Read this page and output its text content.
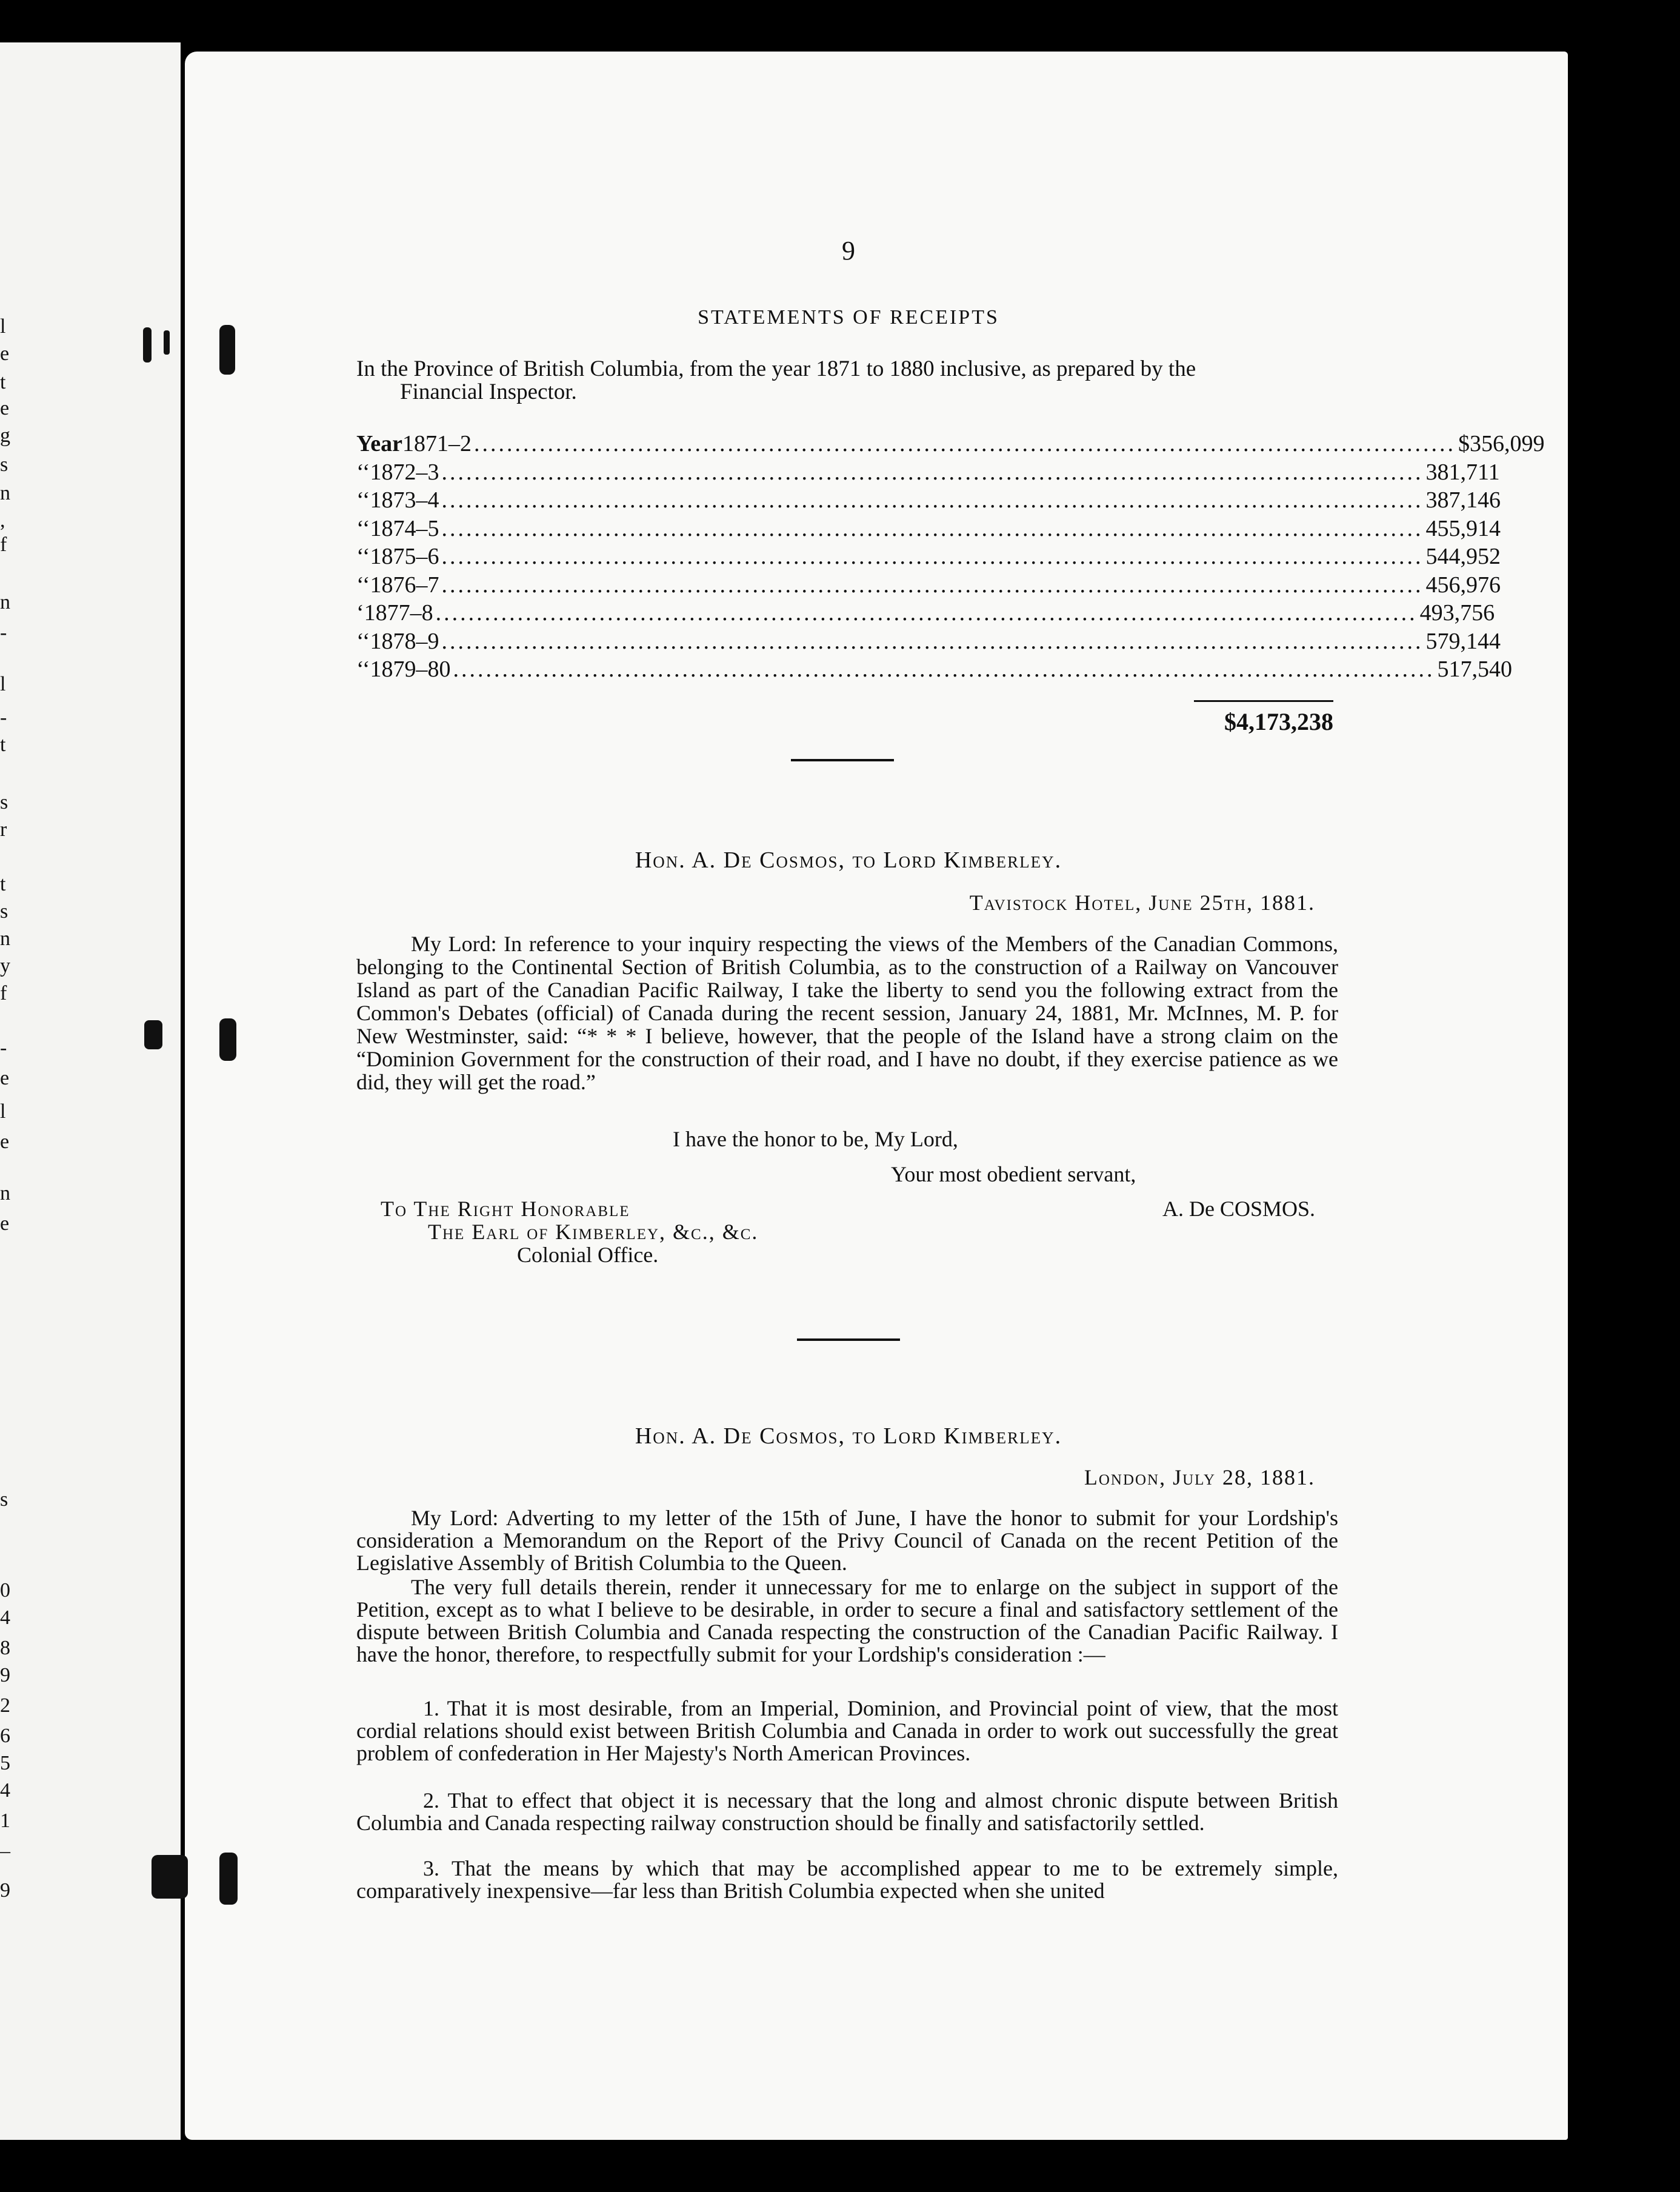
l
e
t
e
g
s
n
,
f
n
-
l
-
t
s
r
t
s
n
y
f
-
e
l
e
n
e
s
0
4
8
9
2
6
5
4
1
–
9
9
STATEMENTS OF RECEIPTS
In the Province of British Columbia, from the year 1871 to 1880 inclusive, as prepared by the
Financial Inspector.
Year 1871–2 ........................................................................................................................ $ 356,099
‘‘ 1872–3 ........................................................................................................................ 381,711
‘‘ 1873–4 ........................................................................................................................ 387,146
‘‘ 1874–5 ........................................................................................................................ 455,914
‘‘ 1875–6 ........................................................................................................................ 544,952
‘‘ 1876–7 ........................................................................................................................ 456,976
‘ 1877–8 ........................................................................................................................ 493,756
‘‘ 1878–9 ........................................................................................................................ 579,144
‘‘ 1879–80 ........................................................................................................................ 517,540
$4,173,238
Hon. A. De Cosmos, to Lord Kimberley.
Tavistock Hotel, June 25th, 1881.
My Lord: In reference to your inquiry respecting the views of the Members of the Canadian Commons, belonging to the Continental Section of British Columbia, as to the construction of a Railway on Vancouver Island as part of the Canadian Pacific Railway, I take the liberty to send you the following extract from the Common's Debates (official) of Canada during the recent session, January 24, 1881, Mr. McInnes, M. P. for New Westminster, said: “* * * I believe, however, that the people of the Island have a strong claim on the “Dominion Government for the construction of their road, and I have no doubt, if they exercise patience as we did, they will get the road.”
I have the honor to be, My Lord,
Your most obedient servant,
To The Right Honorable
The Earl of Kimberley, &c., &c.
Colonial Office.
A. De COSMOS.
Hon. A. De Cosmos, to Lord Kimberley.
London, July 28, 1881.
My Lord: Adverting to my letter of the 15th of June, I have the honor to submit for your Lordship's consideration a Memorandum on the Report of the Privy Council of Canada on the recent Petition of the Legislative Assembly of British Columbia to the Queen.
The very full details therein, render it unnecessary for me to enlarge on the subject in support of the Petition, except as to what I believe to be desirable, in order to secure a final and satisfactory settlement of the dispute between British Columbia and Canada respecting the construction of the Canadian Pacific Railway. I have the honor, therefore, to respectfully submit for your Lordship's consideration :—
1. That it is most desirable, from an Imperial, Dominion, and Provincial point of view, that the most cordial relations should exist between British Columbia and Canada in order to work out successfully the great problem of confederation in Her Majesty's North American Provinces.
2. That to effect that object it is necessary that the long and almost chronic dispute between British Columbia and Canada respecting railway construction should be finally and satisfactorily settled.
3. That the means by which that may be accomplished appear to me to be extremely simple, comparatively inexpensive—far less than British Columbia expected when she united
